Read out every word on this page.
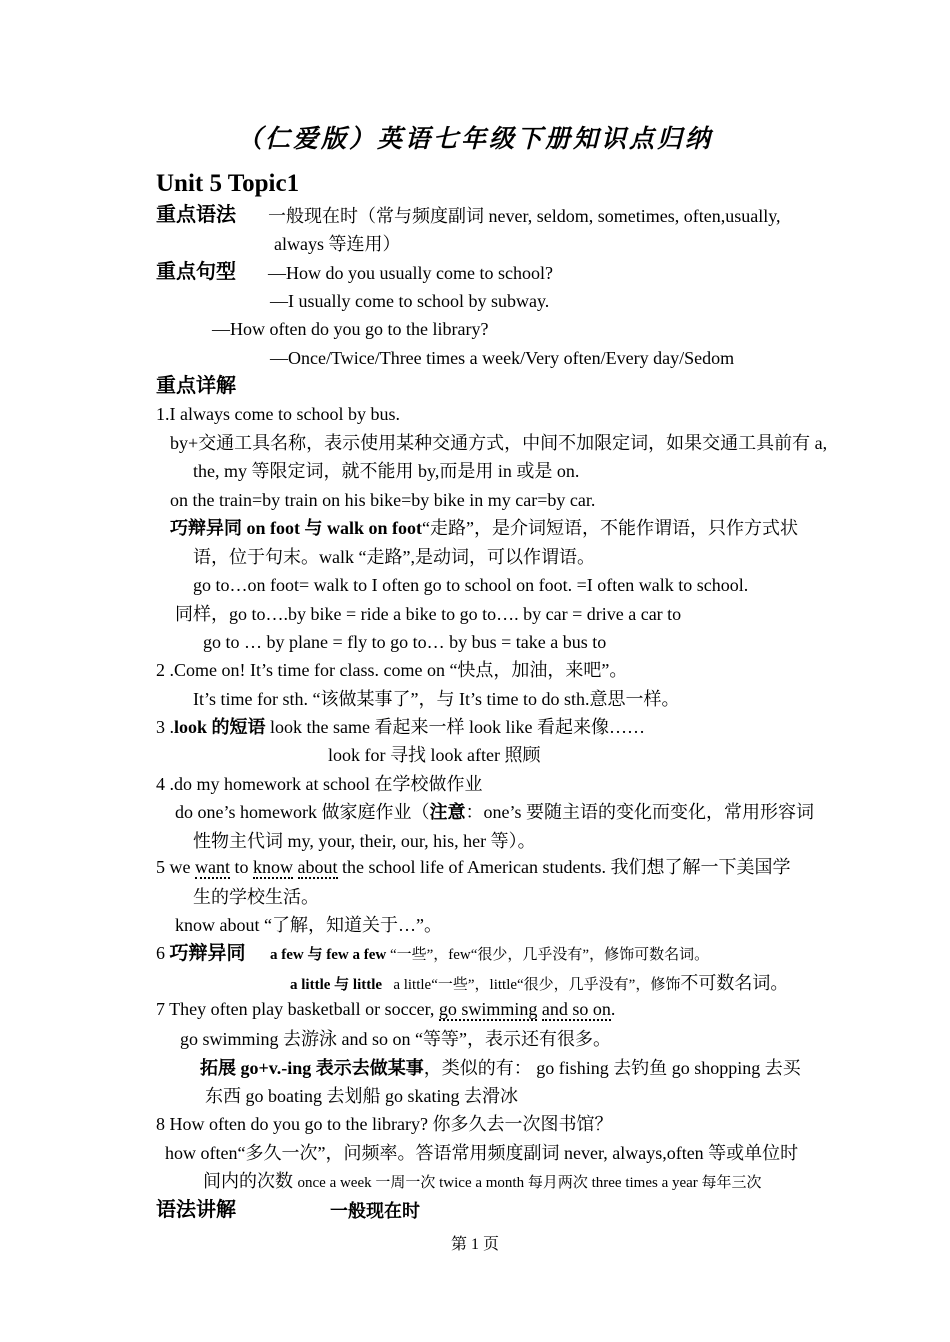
（仁爱版）英语七年级下册知识点归纳
Unit 5 Topic1
重点语法 一般现在时（常与频度副词 never, seldom, sometimes, often,usually,
always 等连用）
重点句型 —How do you usually come to school?
—I usually come to school by subway.
—How often do you go to the library?
—Once/Twice/Three times a week/Very often/Every day/Sedom
重点详解
1.I always come to school by bus.
by+交通工具名称，表示使用某种交通方式，中间不加限定词，如果交通工具前有 a,
the, my 等限定词，就不能用 by,而是用 in 或是 on.
on the train=by train on his bike=by bike in my car=by car.
巧辩异同 on foot 与 walk on foot“走路”，是介词短语，不能作谓语，只作方式状
语，位于句末。walk “走路”,是动词，可以作谓语。
go to…on foot= walk to I often go to school on foot. =I often walk to school.
同样，go to….by bike = ride a bike to go to…. by car = drive a car to
go to … by plane = fly to go to… by bus = take a bus to
2 .Come on! It’s time for class. come on “快点，加油，来吧”。
It’s time for sth. “该做某事了”，与 It’s time to do sth.意思一样。
3 .look 的短语 look the same 看起来一样 look like 看起来像……
look for 寻找 look after 照顾
4 .do my homework at school 在学校做作业
do one’s homework 做家庭作业（注意：one’s 要随主语的变化而变化，常用形容词
性物主代词 my, your, their, our, his, her 等）。
5 we want to know about the school life of American students. 我们想了解一下美国学
生的学校生活。
know about “了解，知道关于…”。
6 巧辩异同 a few 与 few a few “一些”，few“很少，几乎没有”，修饰可数名词。
a little 与 little a little“一些”，little“很少，几乎没有”，修饰不可数名词。
7 They often play basketball or soccer, go swimming and so on.
go swimming 去游泳 and so on “等等”，表示还有很多。
拓展 go+v.-ing 表示去做某事，类似的有： go fishing 去钓鱼 go shopping 去买
东西 go boating 去划船 go skating 去滑冰
8 How often do you go to the library? 你多久去一次图书馆？
how often“多久一次”，问频率。答语常用频度副词 never, always,often 等或单位时
间内的次数 once a week 一周一次 twice a month 每月两次 three times a year 每年三次
语法讲解	一般现在时
第 1 页
